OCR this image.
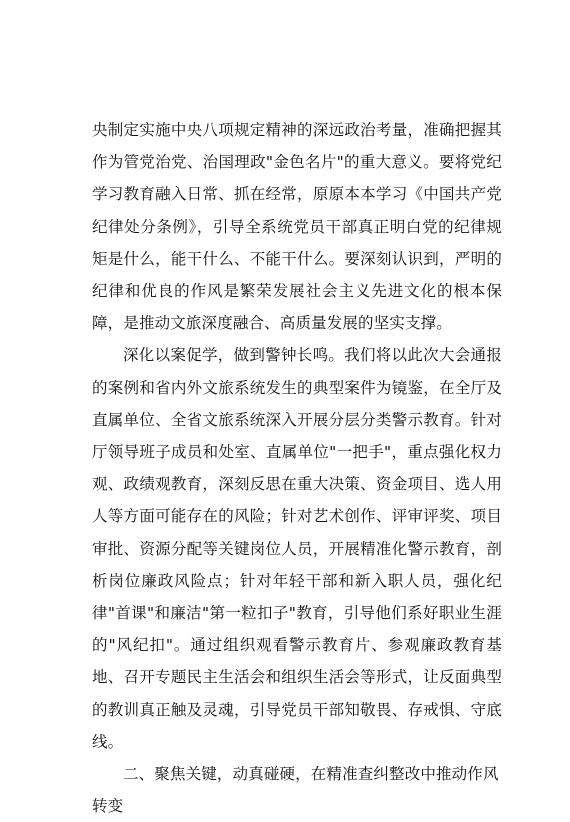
央制定实施中央八项规定精神的深远政治考量，准确把握其作为管党治党、治国理政"金色名片"的重大意义。要将党纪学习教育融入日常、抓在经常，原原本本学习《中国共产党纪律处分条例》，引导全系统党员干部真正明白党的纪律规矩是什么，能干什么、不能干什么。要深刻认识到，严明的纪律和优良的作风是繁荣发展社会主义先进文化的根本保障，是推动文旅深度融合、高质量发展的坚实支撑。

深化以案促学，做到警钟长鸣。我们将以此次大会通报的案例和省内外文旅系统发生的典型案件为镜鉴，在全厅及直属单位、全省文旅系统深入开展分层分类警示教育。针对厅领导班子成员和处室、直属单位"一把手"，重点强化权力观、政绩观教育，深刻反思在重大决策、资金项目、选人用人等方面可能存在的风险；针对艺术创作、评审评奖、项目审批、资源分配等关键岗位人员，开展精准化警示教育，剖析岗位廉政风险点；针对年轻干部和新入职人员，强化纪律"首课"和廉洁"第一粒扣子"教育，引导他们系好职业生涯的"风纪扣"。通过组织观看警示教育片、参观廉政教育基地、召开专题民主生活会和组织生活会等形式，让反面典型的教训真正触及灵魂，引导党员干部知敬畏、存戒惧、守底线。

二、聚焦关键，动真碰硬，在精准查纠整改中推动作风转变
